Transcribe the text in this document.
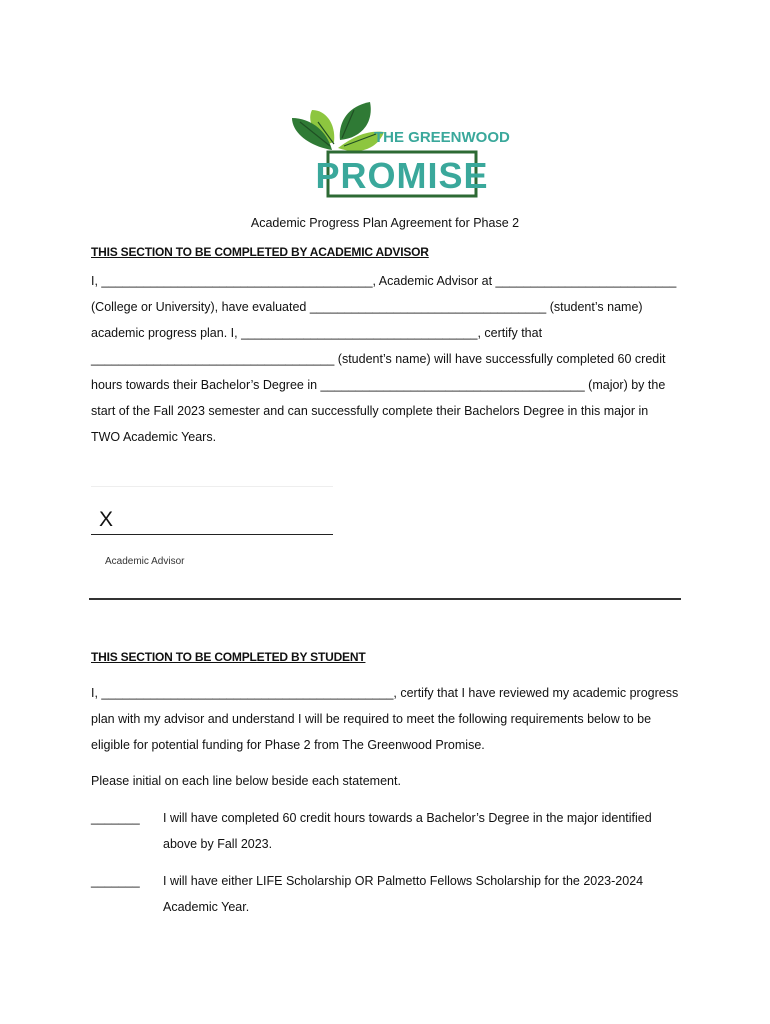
THE GREENWOOD
PROMISE
Academic Progress Plan Agreement for Phase 2
THIS SECTION TO BE COMPLETED BY ACADEMIC ADVISOR
I, _______________________________________, Academic Advisor at __________________________
(College or University), have evaluated __________________________________ (student’s name)
academic progress plan. I, __________________________________, certify that
___________________________________ (student’s name) will have successfully completed 60 credit
hours towards their Bachelor’s Degree in ______________________________________ (major) by the
start of the Fall 2023 semester and can successfully complete their Bachelors Degree in this major in
TWO Academic Years.
X
Academic Advisor
THIS SECTION TO BE COMPLETED BY STUDENT
I, __________________________________________, certify that I have reviewed my academic progress
plan with my advisor and understand I will be required to meet the following requirements below to be
eligible for potential funding for Phase 2 from The Greenwood Promise.
Please initial on each line below beside each statement.
_______ I will have completed 60 credit hours towards a Bachelor’s Degree in the major identified
above by Fall 2023.
_______ I will have either LIFE Scholarship OR Palmetto Fellows Scholarship for the 2023-2024
Academic Year.
